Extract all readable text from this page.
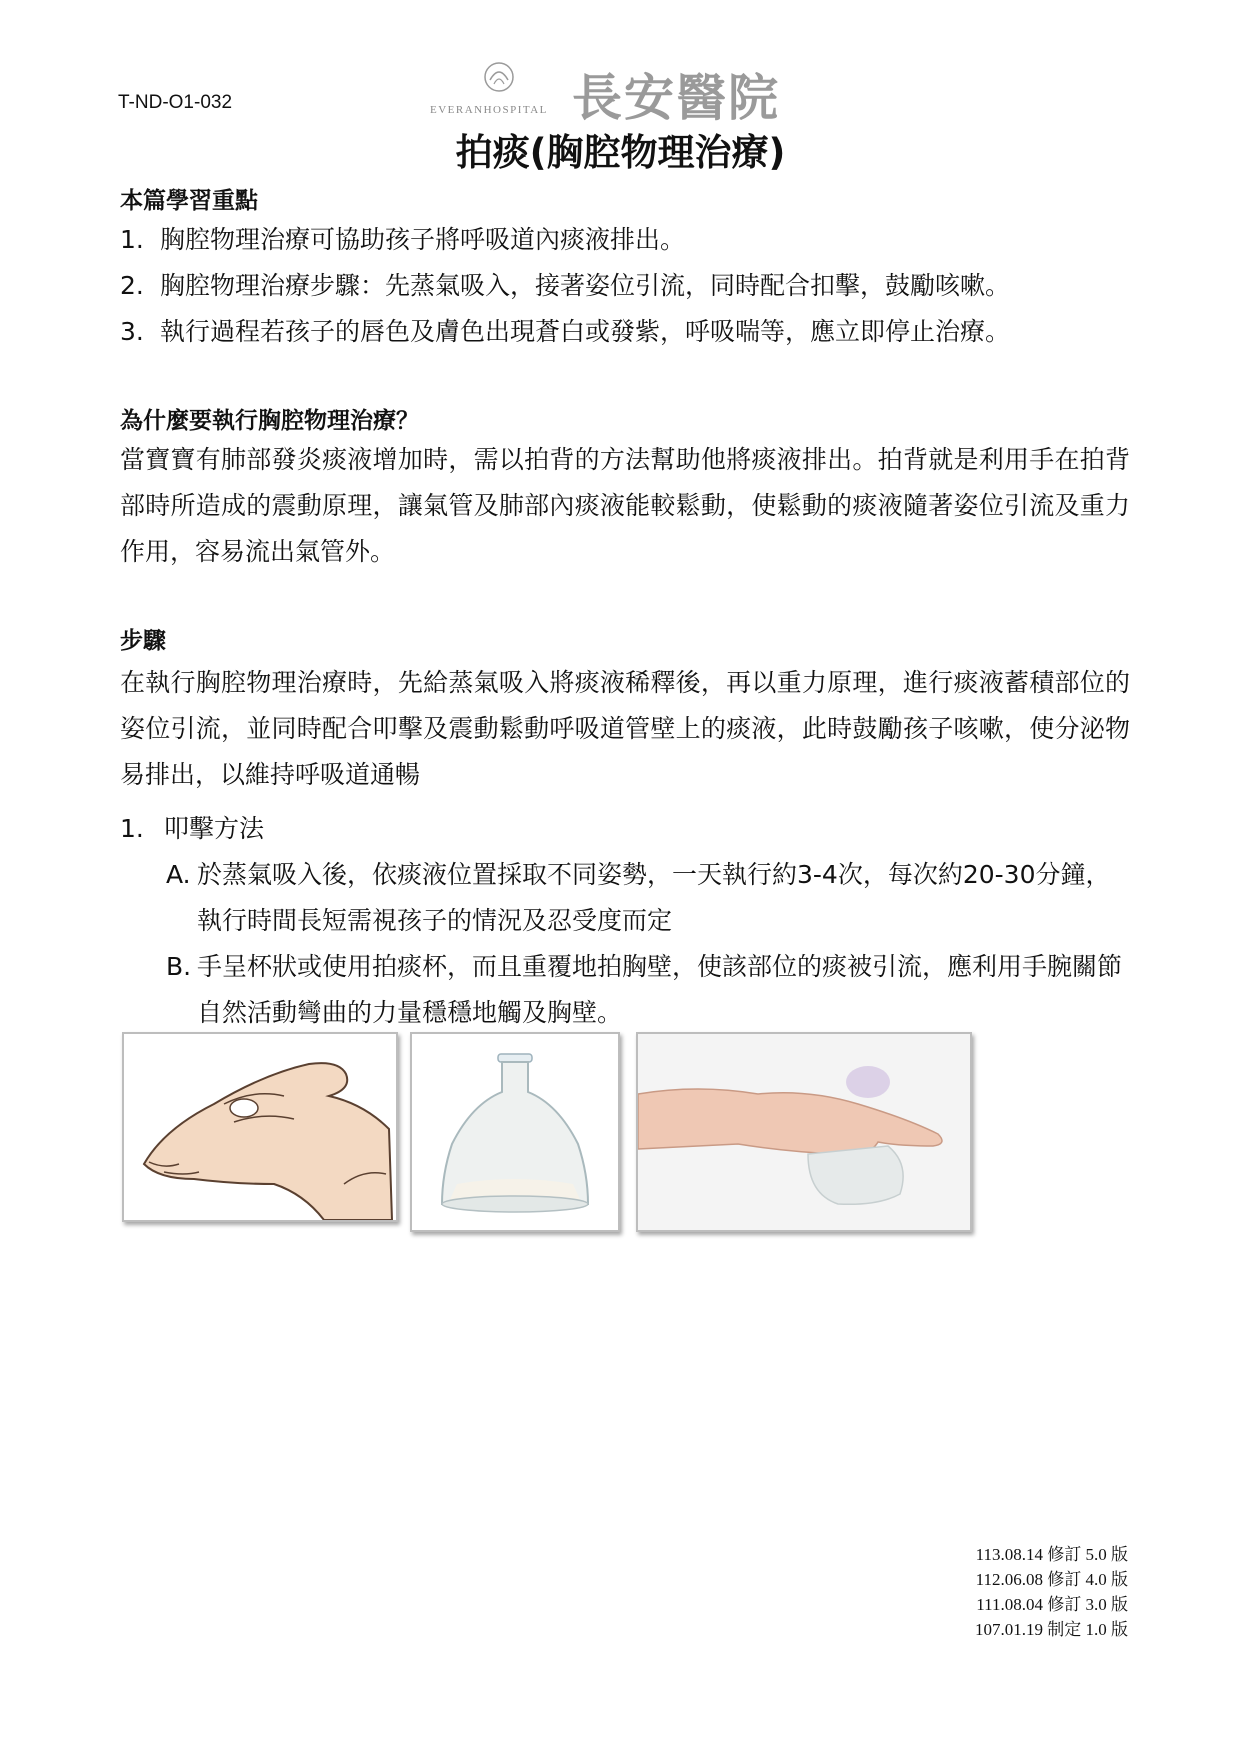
T-ND-O1-032	EVERANHOSPITAL 長安醫院
拍痰(胸腔物理治療)
本篇學習重點
1. 胸腔物理治療可協助孩子將呼吸道內痰液排出。
2. 胸腔物理治療步驟：先蒸氣吸入，接著姿位引流，同時配合扣擊，鼓勵咳嗽。
3. 執行過程若孩子的唇色及膚色出現蒼白或發紫，呼吸喘等，應立即停止治療。
為什麼要執行胸腔物理治療？
當寶寶有肺部發炎痰液增加時，需以拍背的方法幫助他將痰液排出。拍背就是利用手在拍背部時所造成的震動原理，讓氣管及肺部內痰液能較鬆動，使鬆動的痰液隨著姿位引流及重力作用，容易流出氣管外。
步驟
在執行胸腔物理治療時，先給蒸氣吸入將痰液稀釋後，再以重力原理，進行痰液蓄積部位的姿位引流，並同時配合叩擊及震動鬆動呼吸道管壁上的痰液，此時鼓勵孩子咳嗽，使分泌物易排出，以維持呼吸道通暢
1. 叩擊方法
A. 於蒸氣吸入後，依痰液位置採取不同姿勢，一天執行約3-4次，每次約20-30分鐘，執行時間長短需視孩子的情況及忍受度而定
B. 手呈杯狀或使用拍痰杯，而且重覆地拍胸壁，使該部位的痰被引流，應利用手腕關節自然活動彎曲的力量穩穩地觸及胸壁。
113.08.14 修訂 5.0 版
112.06.08 修訂 4.0 版
111.08.04 修訂 3.0 版
107.01.19 制定 1.0 版
